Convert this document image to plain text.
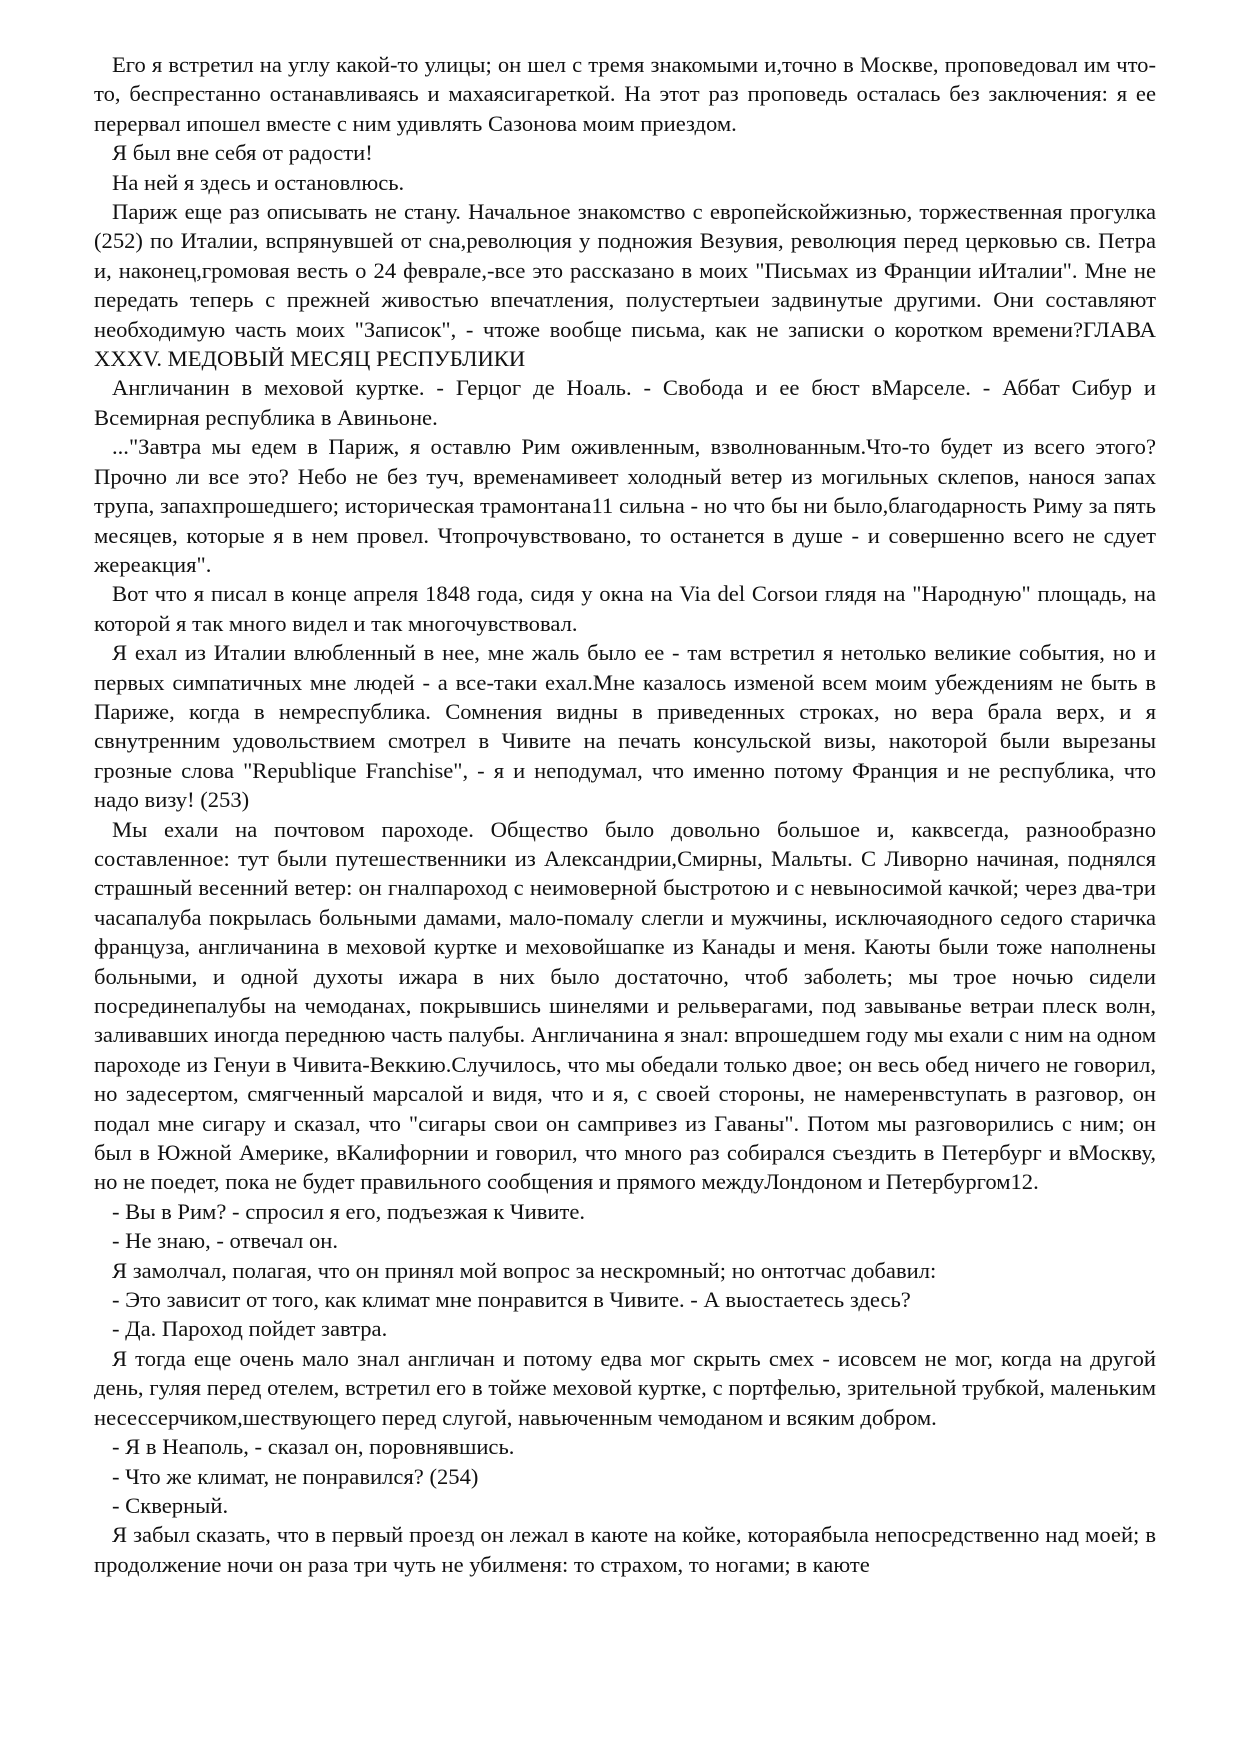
Его я встретил на углу какой-то улицы; он шел с тремя знакомыми и,точно в Москве, проповедовал им что-то, беспрестанно останавливаясь и махаясигареткой. На этот раз проповедь осталась без заключения: я ее перервал ипошел вместе с ним удивлять Сазонова моим приездом.

Я был вне себя от радости!

На ней я здесь и остановлюсь.

Париж еще раз описывать не стану. Начальное знакомство с европейскойжизнью, торжественная прогулка (252) по Италии, вспрянувшей от сна,революция у подножия Везувия, революция перед церковью св. Петра и, наконец,громовая весть о 24 феврале,-все это рассказано в моих "Письмах из Франции иИталии". Мне не передать теперь с прежней живостью впечатления, полустертыеи задвинутые другими. Они составляют необходимую часть моих "Записок", - чтоже вообще письма, как не записки о коротком времени?ГЛАВА XXXV. МЕДОВЫЙ МЕСЯЦ РЕСПУБЛИКИ

Англичанин в меховой куртке. - Герцог де Ноаль. - Свобода и ее бюст вМарселе. - Аббат Сибур и Всемирная республика в Авиньоне.

..."Завтра мы едем в Париж, я оставлю Рим оживленным, взволнованным.Что-то будет из всего этого? Прочно ли все это? Небо не без туч, временамивеет холодный ветер из могильных склепов, нанося запах трупа, запахпрошедшего; историческая трамонтана11 сильна - но что бы ни было,благодарность Риму за пять месяцев, которые я в нем провел. Чтопрочувствовано, то останется в душе - и совершенно всего не сдует жереакция".

Вот что я писал в конце апреля 1848 года, сидя у окна на Via del Corsoи глядя на "Народную" площадь, на которой я так много видел и так многочувствовал.

Я ехал из Италии влюбленный в нее, мне жаль было ее - там встретил я нетолько великие события, но и первых симпатичных мне людей - а все-таки ехал.Мне казалось изменой всем моим убеждениям не быть в Париже, когда в немреспублика. Сомнения видны в приведенных строках, но вера брала верх, и я свнутренним удовольствием смотрел в Чивите на печать консульской визы, накоторой были вырезаны грозные слова "Republique Franchise", - я и неподумал, что именно потому Франция и не республика, что надо визу! (253)

Мы ехали на почтовом пароходе. Общество было довольно большое и, каквсегда, разнообразно составленное: тут были путешественники из Александрии,Смирны, Мальты. С Ливорно начиная, поднялся страшный весенний ветер: он гналпароход с неимоверной быстротою и с невыносимой качкой; через два-три часапалуба покрылась больными дамами, мало-помалу слегли и мужчины, исключаяодного седого старичка француза, англичанина в меховой куртке и меховойшапке из Канады и меня. Каюты были тоже наполнены больными, и одной духоты ижара в них было достаточно, чтоб заболеть; мы трое ночью сидели посрединепалубы на чемоданах, покрывшись шинелями и рельверагами, под завыванье ветраи плеск волн, заливавших иногда переднюю часть палубы. Англичанина я знал: впрошедшем году мы ехали с ним на одном пароходе из Генуи в Чивита-Веккию.Случилось, что мы обедали только двое; он весь обед ничего не говорил, но задесертом, смягченный марсалой и видя, что и я, с своей стороны, не намеренвступать в разговор, он подал мне сигару и сказал, что "сигары свои он сампривез из Гаваны". Потом мы разговорились с ним; он был в Южной Америке, вКалифорнии и говорил, что много раз собирался съездить в Петербург и вМоскву, но не поедет, пока не будет правильного сообщения и прямого междуЛондоном и Петербургом12.

- Вы в Рим? - спросил я его, подъезжая к Чивите.

- Не знаю, - отвечал он.

Я замолчал, полагая, что он принял мой вопрос за нескромный; но онтотчас добавил:

- Это зависит от того, как климат мне понравится в Чивите. - А выостаетесь здесь?

- Да. Пароход пойдет завтра.

Я тогда еще очень мало знал англичан и потому едва мог скрыть смех - исовсем не мог, когда на другой день, гуляя перед отелем, встретил его в тойже меховой куртке, с портфелью, зрительной трубкой, маленьким несессерчиком,шествующего перед слугой, навьюченным чемоданом и всяким добром.

- Я в Неаполь, - сказал он, поровнявшись.

- Что же климат, не понравился? (254)

- Скверный.

Я забыл сказать, что в первый проезд он лежал в каюте на койке, котораябыла непосредственно над моей; в продолжение ночи он раза три чуть не убилменя: то страхом, то ногами; в каюте
